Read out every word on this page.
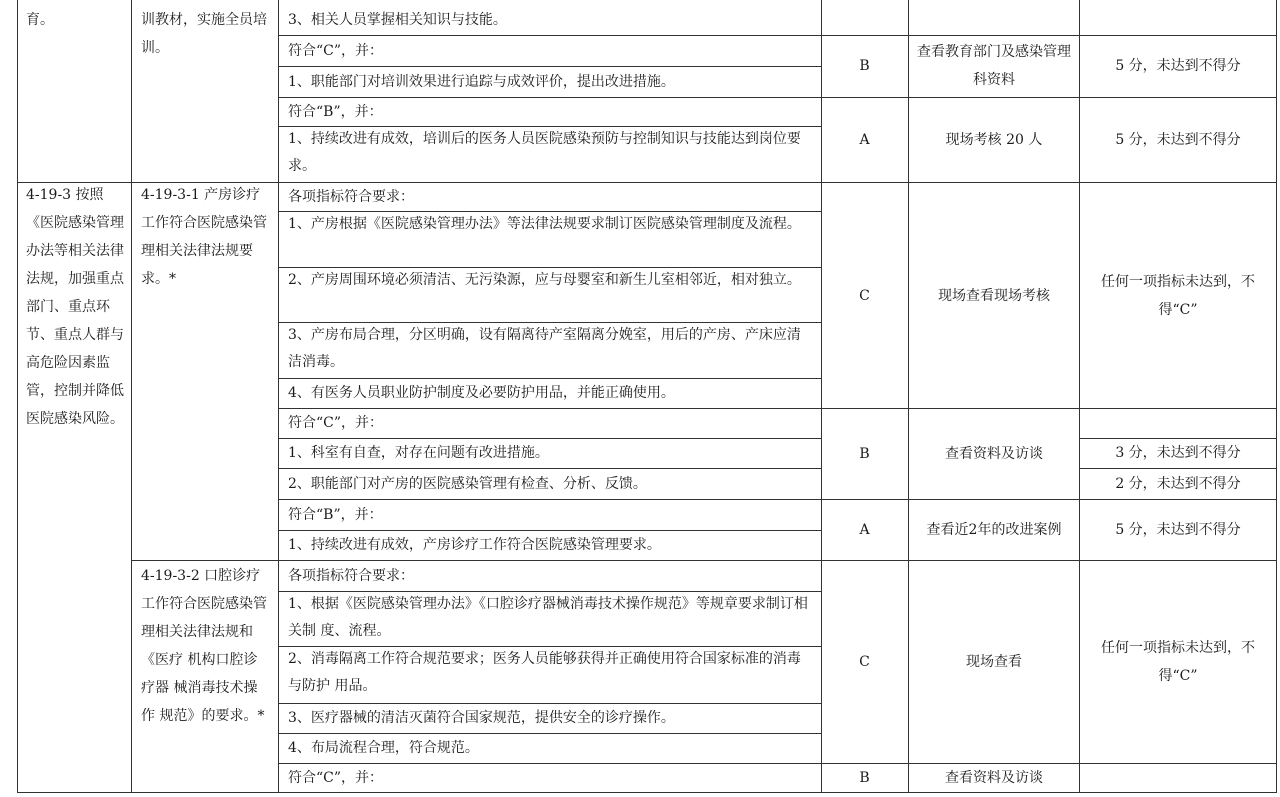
育。
4-19-3 按照《医院感染管理办法等相关法律法规，加强重点部门、重点环节、重点人群与高危险因素监管，控制并降低医院感染风险。
训教材，实施全员培训。
4-19-3-1 产房诊疗工作符合医院感染管理相关法律法规要求。*
4-19-3-2 口腔诊疗工作符合医院感染管理相关法律法规和《医疗 机构口腔诊疗器 械消毒技术操作 规范》的要求。*
3、相关人员掌握相关知识与技能。
符合“C”，并：
1、职能部门对培训效果进行追踪与成效评价，提出改进措施。
符合“B”，并：
1、持续改进有成效，培训后的医务人员医院感染预防与控制知识与技能达到岗位要求。
各项指标符合要求：
1、产房根据《医院感染管理办法》等法律法规要求制订医院感染管理制度及流程。
2、产房周围环境必须清洁、无污染源，应与母婴室和新生儿室相邻近，相对独立。
3、产房布局合理，分区明确，设有隔离待产室隔离分娩室，用后的产房、产床应清洁消毒。
4、有医务人员职业防护制度及必要防护用品，并能正确使用。
符合“C”，并：
1、科室有自查，对存在问题有改进措施。
2、职能部门对产房的医院感染管理有检查、分析、反馈。
符合“B”，并：
1、持续改进有成效，产房诊疗工作符合医院感染管理要求。
各项指标符合要求：
1、根据《医院感染管理办法》《口腔诊疗器械消毒技术操作规范》等规章要求制订相关制 度、流程。
2、消毒隔离工作符合规范要求；医务人员能够获得并正确使用符合国家标准的消毒与防护 用品。
3、医疗器械的清洁灭菌符合国家规范，提供安全的诊疗操作。
4、布局流程合理，符合规范。
符合“C”，并：
B
A
C
B
A
C
B
查看教育部门及感染管理科资料
现场考核 20 人
现场查看现场考核
查看资料及访谈
查看近2年的改进案例
现场查看
查看资料及访谈
5 分，未达到不得分
5 分，未达到不得分
任何一项指标未达到，不得“C”
3 分，未达到不得分
2 分，未达到不得分
5 分，未达到不得分
任何一项指标未达到，不得“C”
